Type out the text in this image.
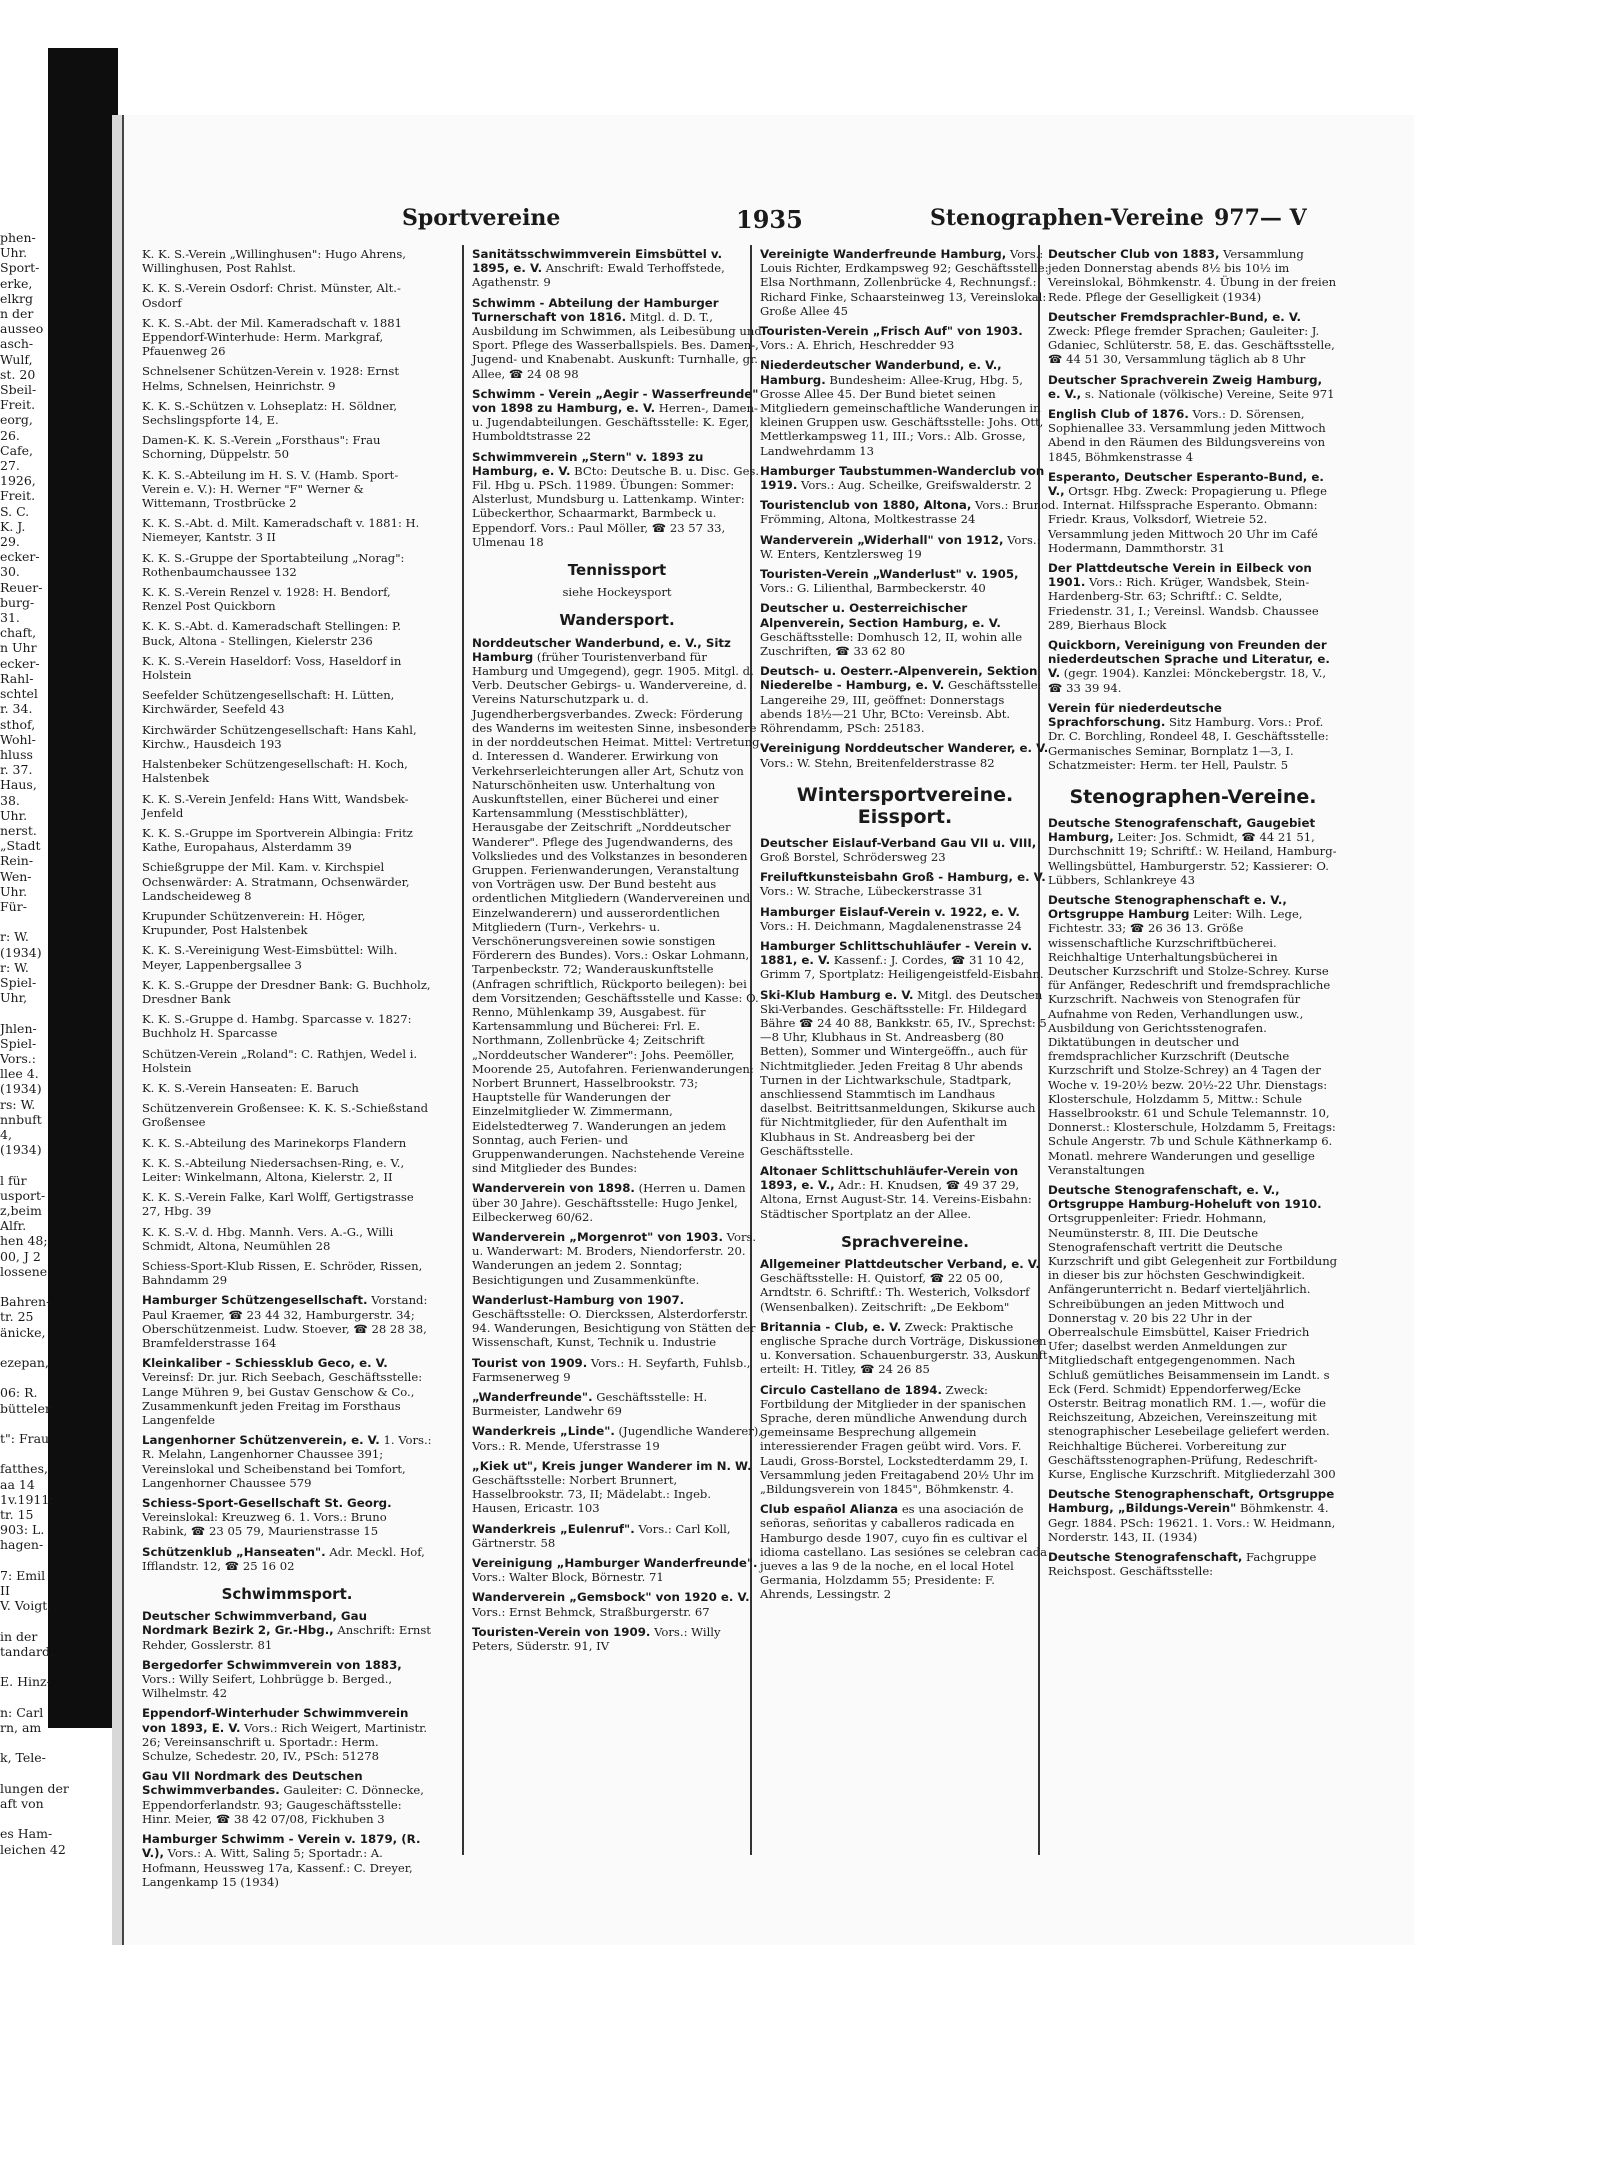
phen-
Uhr.
Sport-
erke,
elkrg
n der
ausseo
asch-
Wulf,
st. 20
Sbeil-
Freit.
eorg,
26.
Cafe,
27.
1926,
Freit.
S. C.
K. J.
29.
ecker-
30.
Reuer-
burg-
31.
chaft,
n Uhr
ecker-
Rahl-
schtel
r. 34.
sthof,
Wohl-
hluss
r. 37.
Haus,
38.
Uhr.
nerst.
„Stadt
Rein-
Wen-
Uhr.
Für-

r: W.
(1934)
r: W.
Spiel-
Uhr,

Jhlen-
Spiel-
Vors.:
llee 4.
(1934)
rs: W.
nnbuft
4,
(1934)

l für
usport-
z,beim
Alfr.
hen 48;
00, J 2
lossene

Bahren-
tr. 25
änicke,

ezepan,

06: R.
bütteler

t": Frau

fatthes,
aa 14
1v.1911:
tr. 15
903: L.
hagen-

7: Emil
II
V. Voigt,

in der
tandard,

E. Hinz-

n: Carl
rn, am

k, Tele-

lungen der
aft von

es Ham-
leichen 42
Sportvereine	1935	Stenographen-Vereine 977— V
K. K. S.-Verein „Willinghusen": Hugo Ahrens, Willinghusen, Post Rahlst.
K. K. S.-Verein Osdorf: Christ. Münster, Alt.-Osdorf
K. K. S.-Abt. der Mil. Kameradschaft v. 1881 Eppendorf-Winterhude: Herm. Markgraf, Pfauenweg 26
Schnelsener Schützen-Verein v. 1928: Ernst Helms, Schnelsen, Heinrichstr. 9
K. K. S.-Schützen v. Lohseplatz: H. Söldner, Sechslingspforte 14, E.
Damen-K. K. S.-Verein „Forsthaus": Frau Schorning, Düppelstr. 50
K. K. S.-Abteilung im H. S. V. (Hamb. Sport-Verein e. V.): H. Werner "F" Werner & Wittemann, Trostbrücke 2
K. K. S.-Abt. d. Milt. Kameradschaft v. 1881: H. Niemeyer, Kantstr. 3 II
K. K. S.-Gruppe der Sportabteilung „Norag": Rothenbaumchaussee 132
K. K. S.-Verein Renzel v. 1928: H. Bendorf, Renzel Post Quickborn
K. K. S.-Abt. d. Kameradschaft Stellingen: P. Buck, Altona - Stellingen, Kielerstr 236
K. K. S.-Verein Haseldorf: Voss, Haseldorf in Holstein
Seefelder Schützengesellschaft: H. Lütten, Kirchwärder, Seefeld 43
Kirchwärder Schützengesellschaft: Hans Kahl, Kirchw., Hausdeich 193
Halstenbeker Schützengesellschaft: H. Koch, Halstenbek
K. K. S.-Verein Jenfeld: Hans Witt, Wandsbek-Jenfeld
K. K. S.-Gruppe im Sportverein Albingia: Fritz Kathe, Europahaus, Alsterdamm 39
Schießgruppe der Mil. Kam. v. Kirchspiel Ochsenwärder: A. Stratmann, Ochsenwärder, Landscheideweg 8
Krupunder Schützenverein: H. Höger, Krupunder, Post Halstenbek
K. K. S.-Vereinigung West-Eimsbüttel: Wilh. Meyer, Lappenbergsallee 3
K. K. S.-Gruppe der Dresdner Bank: G. Buchholz, Dresdner Bank
K. K. S.-Gruppe d. Hambg. Sparcasse v. 1827: Buchholz H. Sparcasse
Schützen-Verein „Roland": C. Rathjen, Wedel i. Holstein
K. K. S.-Verein Hanseaten: E. Baruch
Schützenverein Großensee: K. K. S.-Schießstand Großensee
K. K. S.-Abteilung des Marinekorps Flandern
K. K. S.-Abteilung Niedersachsen-Ring, e. V., Leiter: Winkelmann, Altona, Kielerstr. 2, II
K. K. S.-Verein Falke, Karl Wolff, Gertigstrasse 27, Hbg. 39
K. K. S.-V. d. Hbg. Mannh. Vers. A.-G., Willi Schmidt, Altona, Neumühlen 28
Schiess-Sport-Klub Rissen, E. Schröder, Rissen, Bahndamm 29
Hamburger Schützengesellschaft. Vorstand: Paul Kraemer, ☎ 23 44 32, Hamburgerstr. 34; Oberschützenmeist. Ludw. Stoever, ☎ 28 28 38, Bramfelderstrasse 164
Kleinkaliber - Schiessklub Geco, e. V. Vereinsf: Dr. jur. Rich Seebach, Geschäftsstelle: Lange Mühren 9, bei Gustav Genschow & Co., Zusammenkunft jeden Freitag im Forsthaus Langenfelde
Langenhorner Schützenverein, e. V. 1. Vors.: R. Melahn, Langenhorner Chaussee 391; Vereinslokal und Scheibenstand bei Tomfort, Langenhorner Chaussee 579
Schiess-Sport-Gesellschaft St. Georg. Vereinslokal: Kreuzweg 6. 1. Vors.: Bruno Rabink, ☎ 23 05 79, Maurienstrasse 15
Schützenklub „Hanseaten". Adr. Meckl. Hof, Ifflandstr. 12, ☎ 25 16 02
Schwimmsport.
Deutscher Schwimmverband, Gau Nordmark Bezirk 2, Gr.-Hbg., Anschrift: Ernst Rehder, Gosslerstr. 81
Bergedorfer Schwimmverein von 1883, Vors.: Willy Seifert, Lohbrügge b. Berged., Wilhelmstr. 42
Eppendorf-Winterhuder Schwimmverein von 1893, E. V. Vors.: Rich Weigert, Martinistr. 26; Vereinsanschrift u. Sportadr.: Herm. Schulze, Schedestr. 20, IV., PSch: 51278
Gau VII Nordmark des Deutschen Schwimmverbandes. Gauleiter: C. Dönnecke, Eppendorferlandstr. 93; Gaugeschäftsstelle: Hinr. Meier, ☎ 38 42 07/08, Fickhuben 3
Hamburger Schwimm - Verein v. 1879, (R. V.), Vors.: A. Witt, Saling 5; Sportadr.: A. Hofmann, Heussweg 17a, Kassenf.: C. Dreyer, Langenkamp 15 (1934)
Sanitätsschwimmverein Eimsbüttel v. 1895, e. V. Anschrift: Ewald Terhoffstede, Agathenstr. 9
Schwimm - Abteilung der Hamburger Turnerschaft von 1816. Mitgl. d. D. T., Ausbildung im Schwimmen, als Leibesübung und Sport. Pflege des Wasserballspiels. Bes. Damen-, Jugend- und Knabenabt. Auskunft: Turnhalle, gr. Allee, ☎ 24 08 98
Schwimm - Verein „Aegir - Wasserfreunde" von 1898 zu Hamburg, e. V. Herren-, Damen- u. Jugendabteilungen. Geschäftsstelle: K. Eger, Humboldtstrasse 22
Schwimmverein „Stern" v. 1893 zu Hamburg, e. V. BCto: Deutsche B. u. Disc. Ges. Fil. Hbg u. PSch. 11989. Übungen: Sommer: Alsterlust, Mundsburg u. Lattenkamp. Winter: Lübeckerthor, Schaarmarkt, Barmbeck u. Eppendorf. Vors.: Paul Möller, ☎ 23 57 33, Ulmenau 18
Tennissport
siehe Hockeysport
Wandersport.
Norddeutscher Wanderbund, e. V., Sitz Hamburg (früher Touristenverband für Hamburg und Umgegend), gegr. 1905. Mitgl. d. Verb. Deutscher Gebirgs- u. Wandervereine, d. Vereins Naturschutzpark u. d. Jugendherbergsverbandes. Zweck: Förderung des Wanderns im weitesten Sinne, insbesondere in der norddeutschen Heimat. Mittel: Vertretung d. Interessen d. Wanderer. Erwirkung von Verkehrserleichterungen aller Art, Schutz von Naturschönheiten usw. Unterhaltung von Auskunftstellen, einer Bücherei und einer Kartensammlung (Messtischblätter), Herausgabe der Zeitschrift „Norddeutscher Wanderer". Pflege des Jugendwanderns, des Volksliedes und des Volkstanzes in besonderen Gruppen. Ferienwanderungen, Veranstaltung von Vorträgen usw. Der Bund besteht aus ordentlichen Mitgliedern (Wandervereinen und Einzelwanderern) und ausserordentlichen Mitgliedern (Turn-, Verkehrs- u. Verschönerungsvereinen sowie sonstigen Förderern des Bundes). Vors.: Oskar Lohmann, Tarpenbeckstr. 72; Wanderauskunftstelle (Anfragen schriftlich, Rückporto beilegen): bei dem Vorsitzenden; Geschäftsstelle und Kasse: O. Renno, Mühlenkamp 39, Ausgabest. für Kartensammlung und Bücherei: Frl. E. Northmann, Zollenbrücke 4; Zeitschrift „Norddeutscher Wanderer": Johs. Peemöller, Moorende 25, Autofahren. Ferienwanderungen: Norbert Brunnert, Hasselbrookstr. 73; Hauptstelle für Wanderungen der Einzelmitglieder W. Zimmermann, Eidelstedterweg 7. Wanderungen an jedem Sonntag, auch Ferien- und Gruppenwanderungen. Nachstehende Vereine sind Mitglieder des Bundes:
Wanderverein von 1898. (Herren u. Damen über 30 Jahre). Geschäftsstelle: Hugo Jenkel, Eilbeckerweg 60/62.
Wanderverein „Morgenrot" von 1903. Vors. u. Wanderwart: M. Broders, Niendorferstr. 20. Wanderungen an jedem 2. Sonntag; Besichtigungen und Zusammenkünfte.
Wanderlust-Hamburg von 1907. Geschäftsstelle: O. Dierckssen, Alsterdorferstr. 94. Wanderungen, Besichtigung von Stätten der Wissenschaft, Kunst, Technik u. Industrie
Tourist von 1909. Vors.: H. Seyfarth, Fuhlsb., Farmsenerweg 9
„Wanderfreunde". Geschäftsstelle: H. Burmeister, Landwehr 69
Wanderkreis „Linde". (Jugendliche Wanderer), Vors.: R. Mende, Uferstrasse 19
„Kiek ut", Kreis junger Wanderer im N. W. Geschäftsstelle: Norbert Brunnert, Hasselbrookstr. 73, II; Mädelabt.: Ingeb. Hausen, Ericastr. 103
Wanderkreis „Eulenruf". Vors.: Carl Koll, Gärtnerstr. 58
Vereinigung „Hamburger Wanderfreunde". Vors.: Walter Block, Börnestr. 71
Wanderverein „Gemsbock" von 1920 e. V. Vors.: Ernst Behmck, Straßburgerstr. 67
Touristen-Verein von 1909. Vors.: Willy Peters, Süderstr. 91, IV
Vereinigte Wanderfreunde Hamburg, Vors.: Louis Richter, Erdkampsweg 92; Geschäftsstelle: Elsa Northmann, Zollenbrücke 4, Rechnungsf.: Richard Finke, Schaarsteinweg 13, Vereinslokal: Große Allee 45
Touristen-Verein „Frisch Auf" von 1903. Vors.: A. Ehrich, Heschredder 93
Niederdeutscher Wanderbund, e. V., Hamburg. Bundesheim: Allee-Krug, Hbg. 5, Grosse Allee 45. Der Bund bietet seinen Mitgliedern gemeinschaftliche Wanderungen in kleinen Gruppen usw. Geschäftsstelle: Johs. Ott, Mettlerkampsweg 11, III.; Vors.: Alb. Grosse, Landwehrdamm 13
Hamburger Taubstummen-Wanderclub von 1919. Vors.: Aug. Scheilke, Greifswalderstr. 2
Touristenclub von 1880, Altona, Vors.: Bruno Frömming, Altona, Moltkestrasse 24
Wanderverein „Widerhall" von 1912, Vors.: W. Enters, Kentzlersweg 19
Touristen-Verein „Wanderlust" v. 1905, Vors.: G. Lilienthal, Barmbeckerstr. 40
Deutscher u. Oesterreichischer Alpenverein, Section Hamburg, e. V. Geschäftsstelle: Domhusch 12, II, wohin alle Zuschriften, ☎ 33 62 80
Deutsch- u. Oesterr.-Alpenverein, Sektion Niederelbe - Hamburg, e. V. Geschäftsstelle: Langereihe 29, III, geöffnet: Donnerstags abends 18½—21 Uhr, BCto: Vereinsb. Abt. Röhrendamm, PSch: 25183.
Vereinigung Norddeutscher Wanderer, e. V. Vors.: W. Stehn, Breitenfelderstrasse 82
Wintersportvereine. Eissport.
Deutscher Eislauf-Verband Gau VII u. VIII, Groß Borstel, Schrödersweg 23
Freiluftkunsteisbahn Groß - Hamburg, e. V. Vors.: W. Strache, Lübeckerstrasse 31
Hamburger Eislauf-Verein v. 1922, e. V. Vors.: H. Deichmann, Magdalenenstrasse 24
Hamburger Schlittschuhläufer - Verein v. 1881, e. V. Kassenf.: J. Cordes, ☎ 31 10 42, Grimm 7, Sportplatz: Heiligengeistfeld-Eisbahn.
Ski-Klub Hamburg e. V. Mitgl. des Deutschen Ski-Verbandes. Geschäftsstelle: Fr. Hildegard Bähre ☎ 24 40 88, Bankkstr. 65, IV., Sprechst: 5—8 Uhr, Klubhaus in St. Andreasberg (80 Betten), Sommer und Wintergeöffn., auch für Nichtmitglieder. Jeden Freitag 8 Uhr abends Turnen in der Lichtwarkschule, Stadtpark, anschliessend Stammtisch im Landhaus daselbst. Beitrittsanmeldungen, Skikurse auch für Nichtmitglieder, für den Aufenthalt im Klubhaus in St. Andreasberg bei der Geschäftsstelle.
Altonaer Schlittschuhläufer-Verein von 1893, e. V., Adr.: H. Knudsen, ☎ 49 37 29, Altona, Ernst August-Str. 14. Vereins-Eisbahn: Städtischer Sportplatz an der Allee.
Sprachvereine.
Allgemeiner Plattdeutscher Verband, e. V. Geschäftsstelle: H. Quistorf, ☎ 22 05 00, Arndtstr. 6. Schriftf.: Th. Westerich, Volksdorf (Wensenbalken). Zeitschrift: „De Eekbom"
Britannia - Club, e. V. Zweck: Praktische englische Sprache durch Vorträge, Diskussionen u. Konversation. Schauenburgerstr. 33, Auskunft erteilt: H. Titley, ☎ 24 26 85
Circulo Castellano de 1894. Zweck: Fortbildung der Mitglieder in der spanischen Sprache, deren mündliche Anwendung durch gemeinsame Besprechung allgemein interessierender Fragen geübt wird. Vors. F. Laudi, Gross-Borstel, Lockstedterdamm 29, I. Versammlung jeden Freitagabend 20½ Uhr im „Bildungsverein von 1845", Böhmkenstr. 4.
Club español Alianza es una asociación de señoras, señoritas y caballeros radicada en Hamburgo desde 1907, cuyo fin es cultivar el idioma castellano. Las sesiónes se celebran cada jueves a las 9 de la noche, en el local Hotel Germania, Holzdamm 55; Presidente: F. Ahrends, Lessingstr. 2
Deutscher Club von 1883, Versammlung jeden Donnerstag abends 8½ bis 10½ im Vereinslokal, Böhmkenstr. 4. Übung in der freien Rede. Pflege der Geselligkeit (1934)
Deutscher Fremdsprachler-Bund, e. V. Zweck: Pflege fremder Sprachen; Gauleiter: J. Gdaniec, Schlüterstr. 58, E. das. Geschäftsstelle, ☎ 44 51 30, Versammlung täglich ab 8 Uhr
Deutscher Sprachverein Zweig Hamburg, e. V., s. Nationale (völkische) Vereine, Seite 971
English Club of 1876. Vors.: D. Sörensen, Sophienallee 33. Versammlung jeden Mittwoch Abend in den Räumen des Bildungsvereins von 1845, Böhmkenstrasse 4
Esperanto, Deutscher Esperanto-Bund, e. V., Ortsgr. Hbg. Zweck: Propagierung u. Pflege d. Internat. Hilfssprache Esperanto. Obmann: Friedr. Kraus, Volksdorf, Wietreie 52. Versammlung jeden Mittwoch 20 Uhr im Café Hodermann, Dammthorstr. 31
Der Plattdeutsche Verein in Eilbeck von 1901. Vors.: Rich. Krüger, Wandsbek, Stein-Hardenberg-Str. 63; Schriftf.: C. Seldte, Friedenstr. 31, I.; Vereinsl. Wandsb. Chaussee 289, Bierhaus Block
Quickborn, Vereinigung von Freunden der niederdeutschen Sprache und Literatur, e. V. (gegr. 1904). Kanzlei: Mönckebergstr. 18, V., ☎ 33 39 94.
Verein für niederdeutsche Sprachforschung. Sitz Hamburg. Vors.: Prof. Dr. C. Borchling, Rondeel 48, I. Geschäftsstelle: Germanisches Seminar, Bornplatz 1—3, I. Schatzmeister: Herm. ter Hell, Paulstr. 5
Stenographen-Vereine.
Deutsche Stenografenschaft, Gaugebiet Hamburg, Leiter: Jos. Schmidt, ☎ 44 21 51, Durchschnitt 19; Schriftf.: W. Heiland, Hamburg-Wellingsbüttel, Hamburgerstr. 52; Kassierer: O. Lübbers, Schlankreye 43
Deutsche Stenographenschaft e. V., Ortsgruppe Hamburg Leiter: Wilh. Lege, Fichtestr. 33; ☎ 26 36 13. Größe wissenschaftliche Kurzschriftbücherei. Reichhaltige Unterhaltungsbücherei in Deutscher Kurzschrift und Stolze-Schrey. Kurse für Anfänger, Redeschrift und fremdsprachliche Kurzschrift. Nachweis von Stenografen für Aufnahme von Reden, Verhandlungen usw., Ausbildung von Gerichtsstenografen. Diktatübungen in deutscher und fremdsprachlicher Kurzschrift (Deutsche Kurzschrift und Stolze-Schrey) an 4 Tagen der Woche v. 19-20½ bezw. 20½-22 Uhr. Dienstags: Klosterschule, Holzdamm 5, Mittw.: Schule Hasselbrookstr. 61 und Schule Telemannstr. 10, Donnerst.: Klosterschule, Holzdamm 5, Freitags: Schule Angerstr. 7b und Schule Käthnerkamp 6. Monatl. mehrere Wanderungen und gesellige Veranstaltungen
Deutsche Stenografenschaft, e. V., Ortsgruppe Hamburg-Hoheluft von 1910. Ortsgruppenleiter: Friedr. Hohmann, Neumünsterstr. 8, III. Die Deutsche Stenografenschaft vertritt die Deutsche Kurzschrift und gibt Gelegenheit zur Fortbildung in dieser bis zur höchsten Geschwindigkeit. Anfängerunterricht n. Bedarf vierteljährlich. Schreibübungen an jeden Mittwoch und Donnerstag v. 20 bis 22 Uhr in der Oberrealschule Eimsbüttel, Kaiser Friedrich Ufer; daselbst werden Anmeldungen zur Mitgliedschaft entgegengenommen. Nach Schluß gemütliches Beisammensein im Landt. s Eck (Ferd. Schmidt) Eppendorferweg/Ecke Osterstr. Beitrag monatlich RM. 1.—, wofür die Reichszeitung, Abzeichen, Vereinszeitung mit stenographischer Lesebeilage geliefert werden. Reichhaltige Bücherei. Vorbereitung zur Geschäftsstenographen-Prüfung, Redeschrift-Kurse, Englische Kurzschrift. Mitgliederzahl 300
Deutsche Stenographenschaft, Ortsgruppe Hamburg, „Bildungs-Verein" Böhmkenstr. 4. Gegr. 1884. PSch: 19621. 1. Vors.: W. Heidmann, Norderstr. 143, II. (1934)
Deutsche Stenografenschaft, Fachgruppe Reichspost. Geschäftsstelle:
